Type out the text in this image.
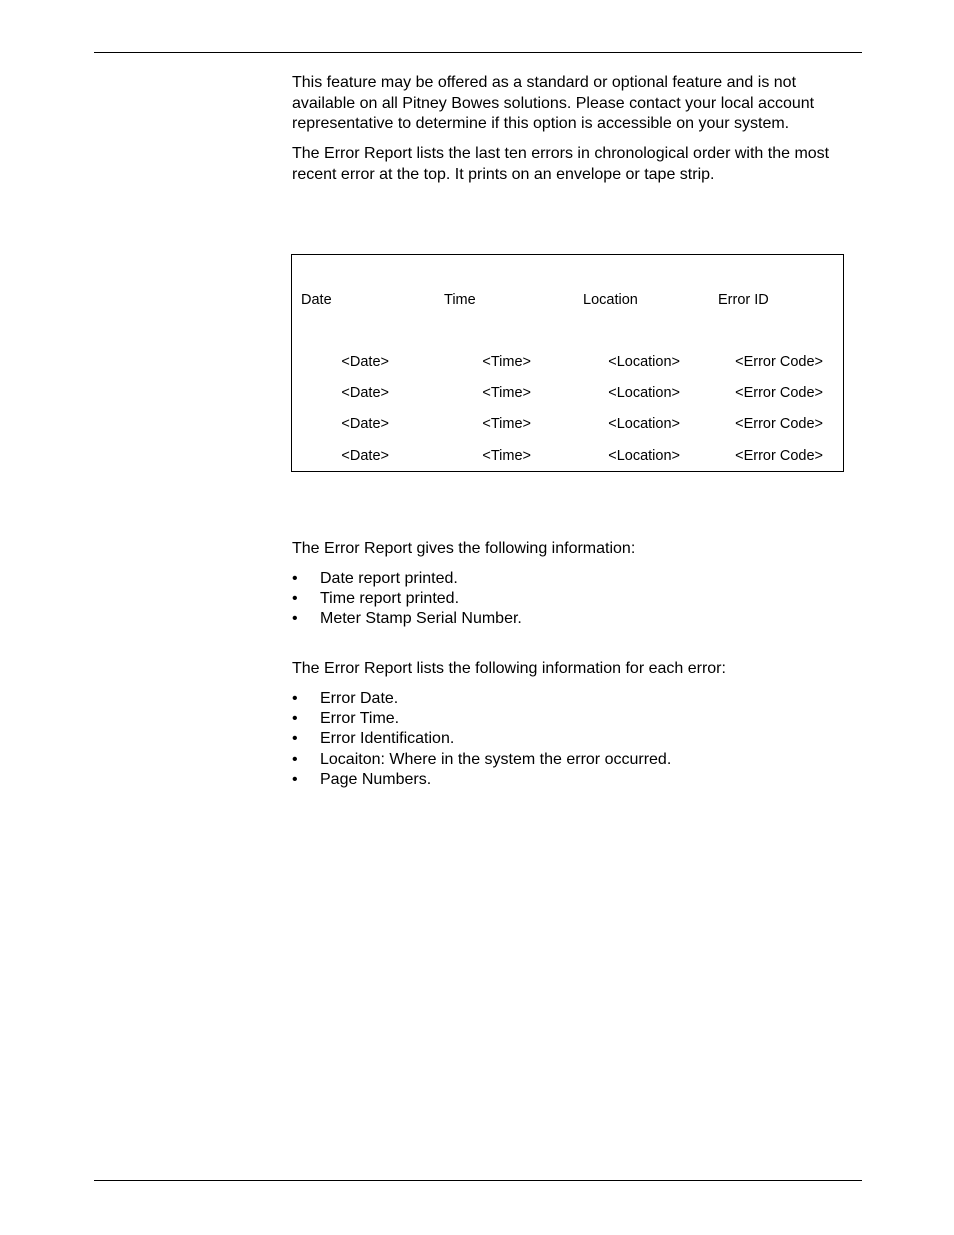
This feature may be offered as a standard or optional feature and is not available on all Pitney Bowes solutions. Please contact your local account representative to determine if this option is accessible on your system.

The Error Report lists the last ten errors in chronological order with the most recent error at the top. It prints on an envelope or tape strip.

Date	Time	Location	Error ID
<Date>	<Time>	<Location>	<Error Code>
<Date>	<Time>	<Location>	<Error Code>
<Date>	<Time>	<Location>	<Error Code>
<Date>	<Time>	<Location>	<Error Code>

The Error Report gives the following information:

• Date report printed.
• Time report printed.
• Meter Stamp Serial Number.

The Error Report lists the following information for each error:

• Error Date.
• Error Time.
• Error Identification.
• Locaiton: Where in the system the error occurred.
• Page Numbers.
